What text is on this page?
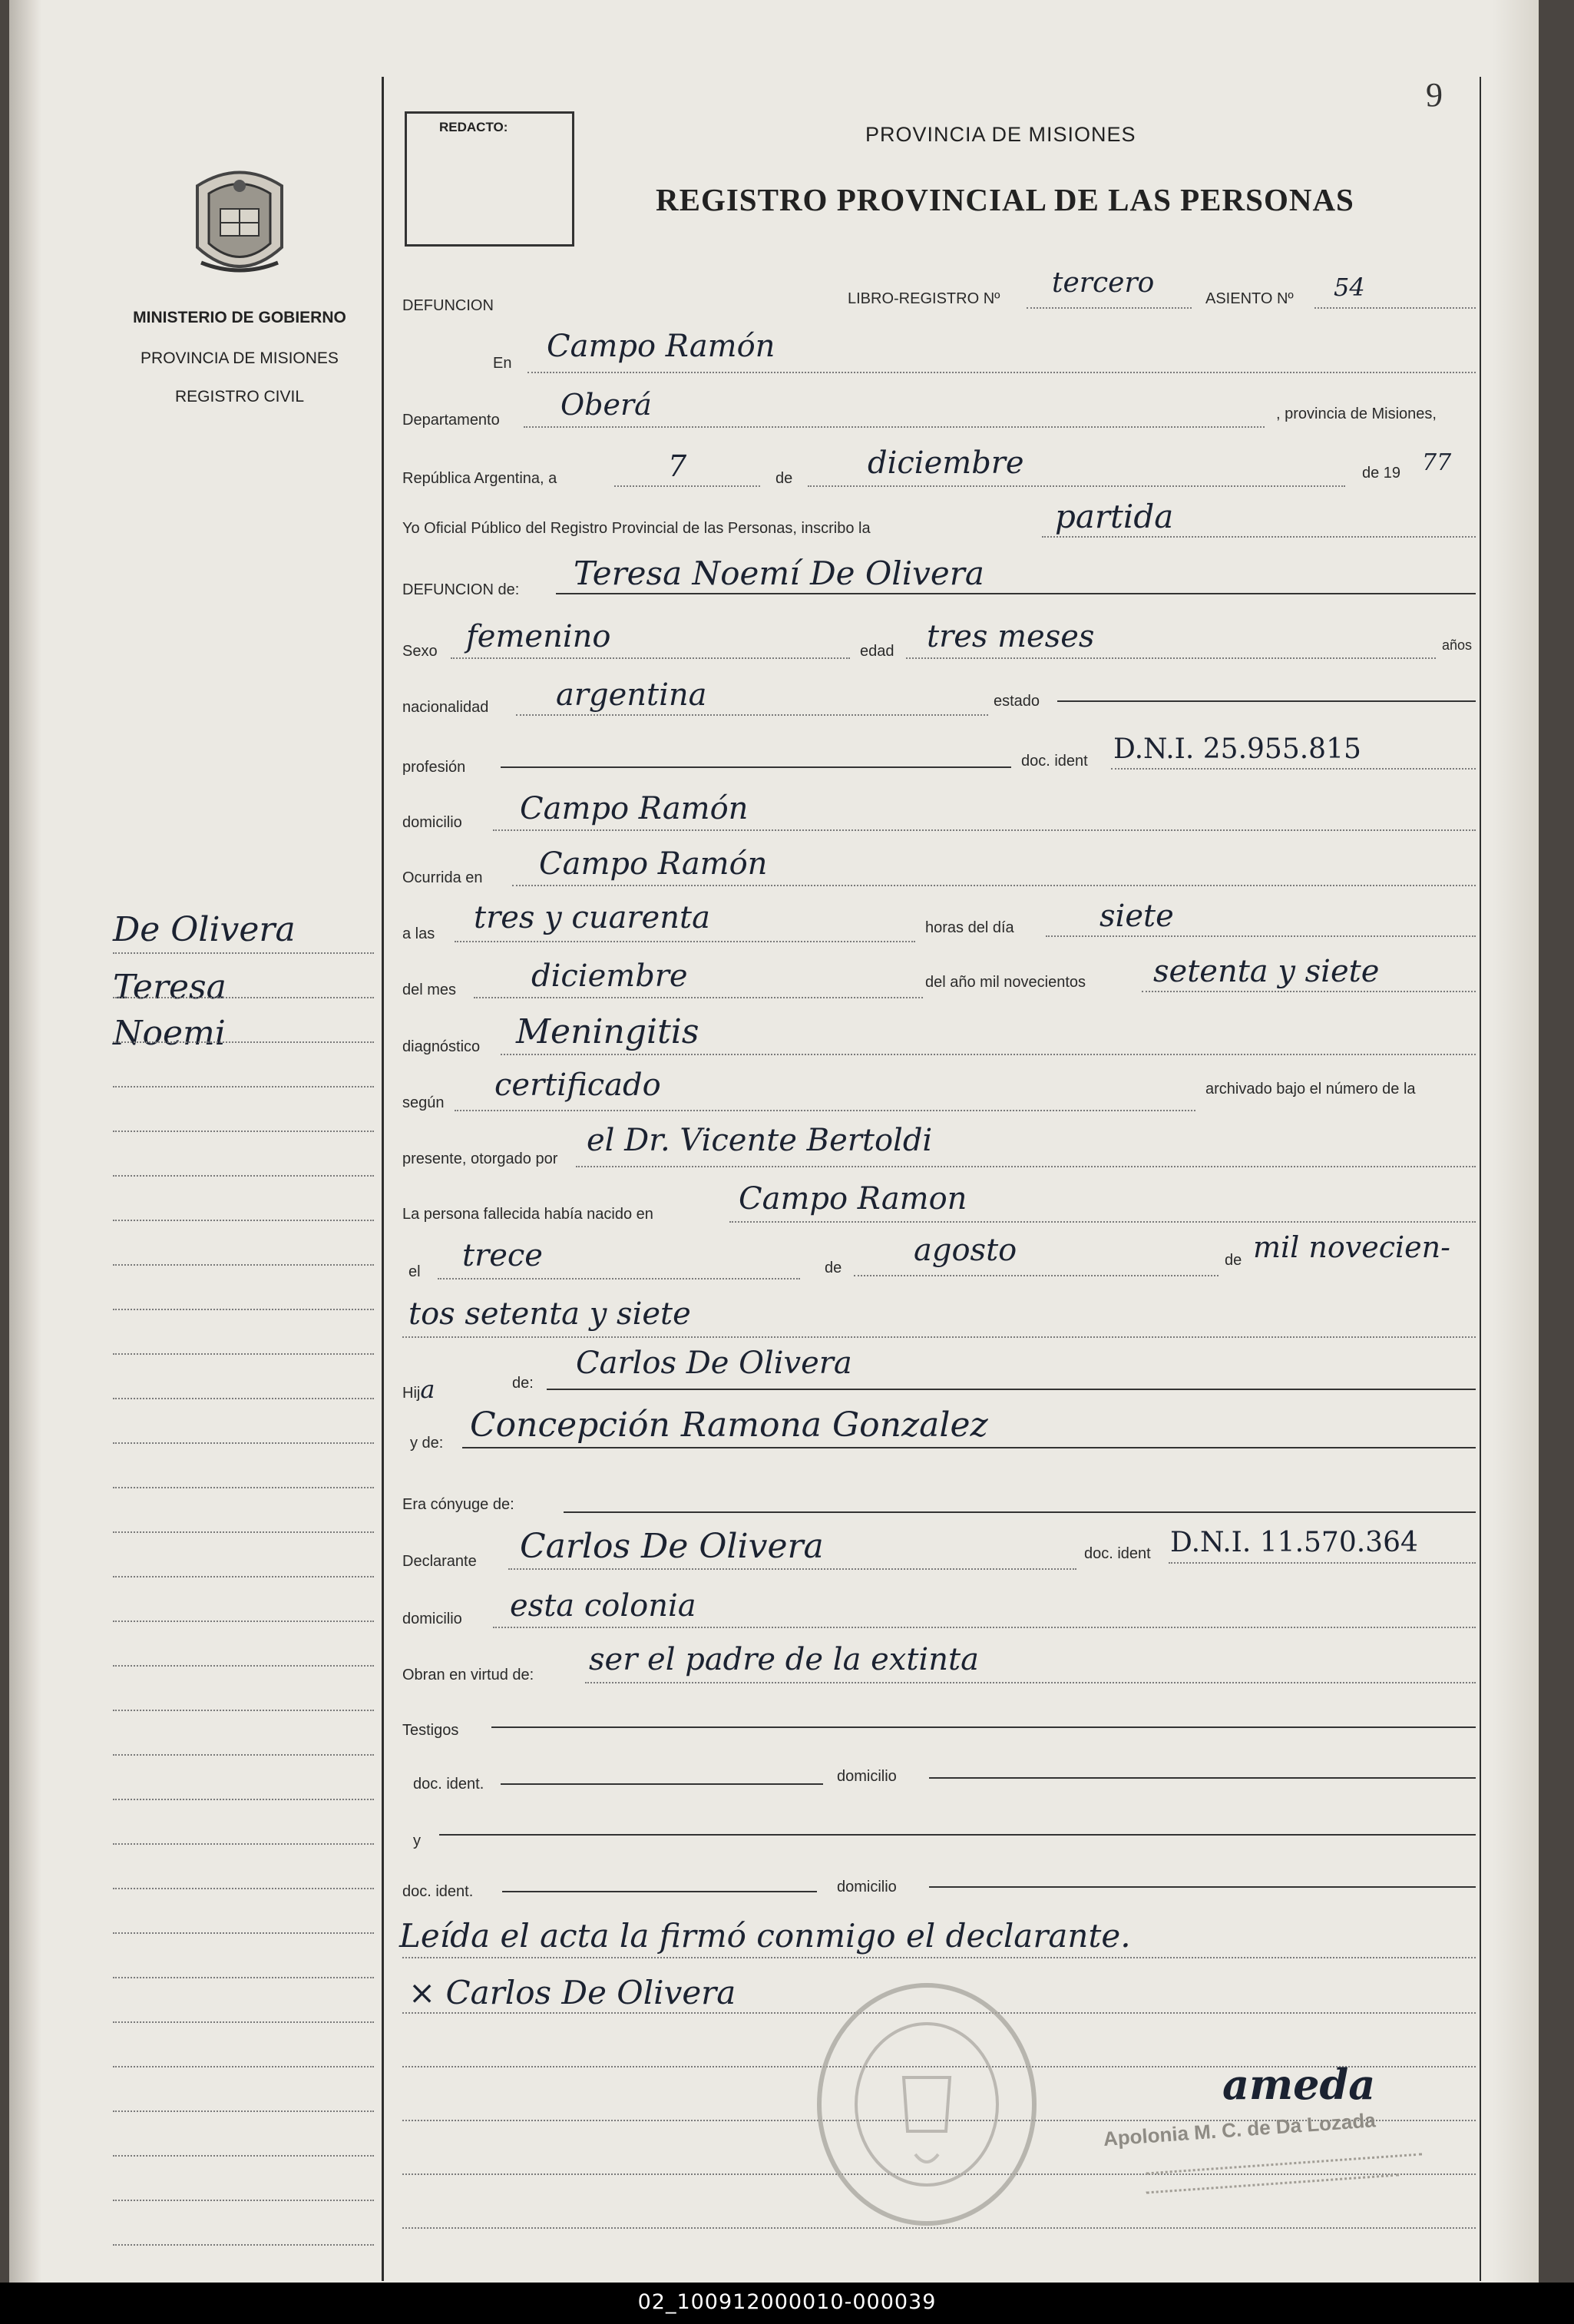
9
MINISTERIO DE GOBIERNO
PROVINCIA DE MISIONES
REGISTRO CIVIL
De Olivera
Teresa
Noemi
REDACTO:	PROVINCIA DE MISIONES
REGISTRO PROVINCIAL DE LAS PERSONAS
DEFUNCION	LIBRO-REGISTRO Nº tercero	ASIENTO Nº 54
En Campo Ramón
Departamento Oberá	, provincia de Misiones,
República Argentina, a	7	de diciembre	de 19 77
Yo Oficial Público del Registro Provincial de las Personas, inscribo la	partida
DEFUNCION de: Teresa Noemí De Olivera
Sexo femenino	edad tres meses	años
nacionalidad argentina	estado
profesión	doc. ident D.N.I. 25.955.815
domicilio Campo Ramón
Ocurrida en Campo Ramón
a las tres y cuarenta	horas del día	siete
del mes diciembre	del año mil novecientos setenta y siete
diagnóstico Meningitis
según certificado	archivado bajo el número de la
presente, otorgado por
el Dr. Vicente Bertoldi
La persona fallecida había nacido en	Campo Ramon
el trece	de agosto	de mil novecien-
tos setenta y siete
Hija	de:
Carlos De Olivera
y de: Concepción Ramona Gonzalez
Era cónyuge de:
Declarante Carlos De Olivera	doc. ident D.N.I. 11.570.364
domicilio esta colonia
Obran en virtud de: ser el padre de la extinta
Testigos
doc. ident.	domicilio
y
doc. ident.	domicilio
Leída el acta la firmó conmigo el declarante.
× Carlos De Olivera
ameda
Apolonia M. C. de Da Lozada
02_100912000010-000039
